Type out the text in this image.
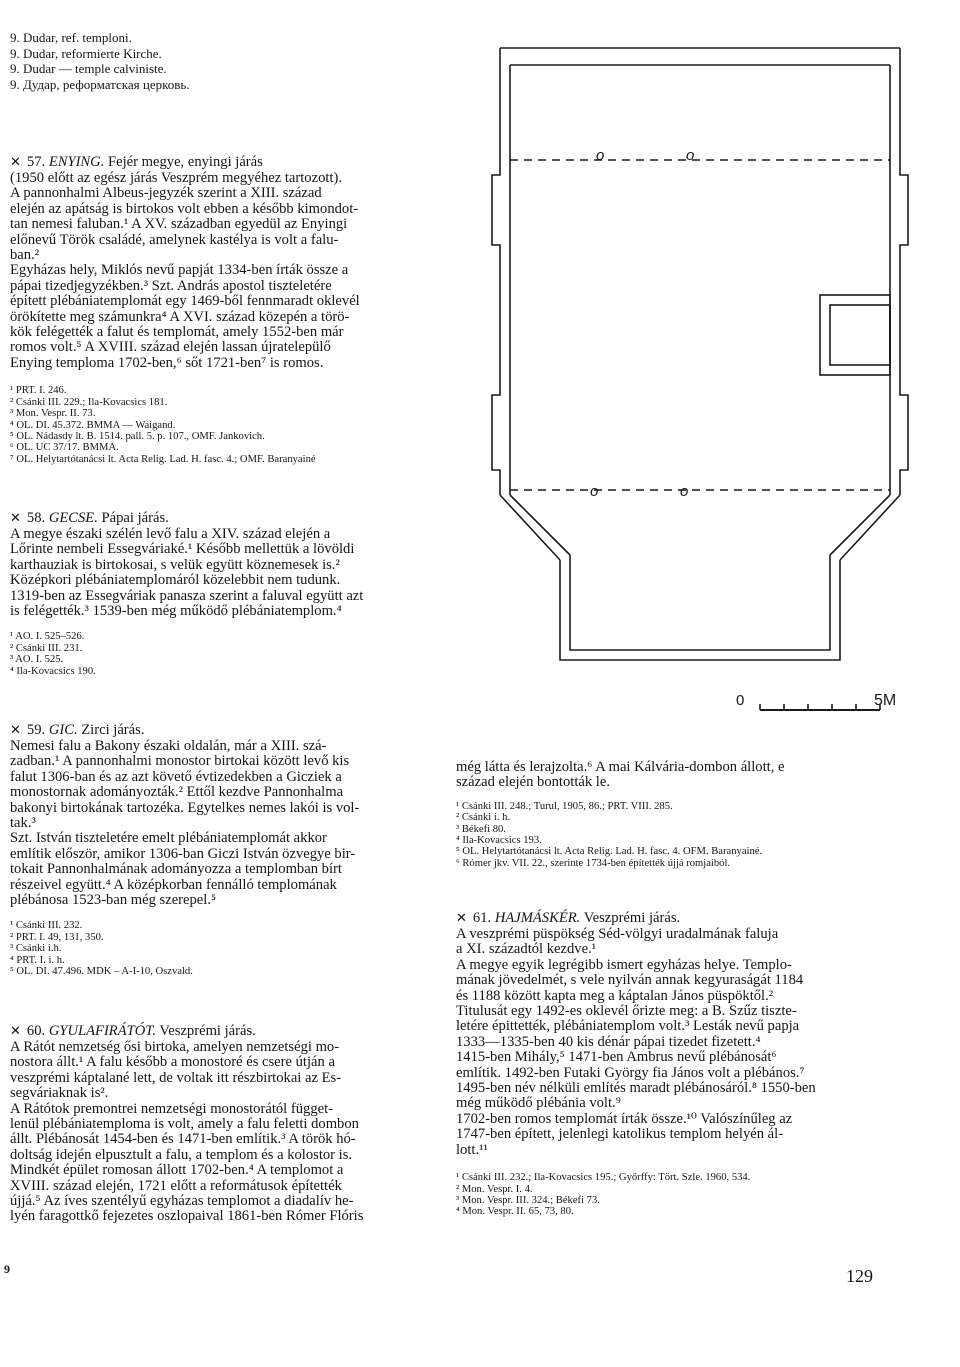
9. Dudar, ref. temploni.
9. Dudar, reformierte Kirche.
9. Dudar — temple calviniste.
9. Дудар, реформатская церковь.

✕ 57. ENYING. Fejér megye, enyingi járás

(1950 előtt az egész járás Veszprém megyéhez tartozott).
A pannonhalmi Albeus-jegyzék szerint a XIII. század
elején az apátság is birtokos volt ebben a később kimondot-
tan nemesi faluban.¹ A XV. században egyedül az Enyingi
előnevű Török családé, amelynek kastélya is volt a falu-
ban.²
Egyházas hely, Miklós nevű papját 1334-ben írták össze a
pápai tizedjegyzékben.³ Szt. András apostol tiszteletére
épített plébániatemplomát egy 1469-ből fennmaradt oklevél
örökítette meg számunkra⁴ A XVI. század közepén a törö-
kök felégették a falut és templomát, amely 1552-ben már
romos volt.⁵ A XVIII. század elején lassan újratelepülő
Enying temploma 1702-ben,⁶ sőt 1721-ben⁷ is romos.

¹ PRT. I. 246.
² Csánki III. 229.; Ila-Kovacsics 181.
³ Mon. Vespr. II. 73.
⁴ OL. DI. 45.372. BMMA — Waigand.
⁵ OL. Nádasdy lt. B. 1514. pall. 5. p. 107., OMF. Jankovich.
⁶ OL. UC 37/17. BMMA.
⁷ OL. Helytartótanácsi lt. Acta Relig. Lad. H. fasc. 4.; OMF. Baranyainé

✕ 58. GECSE. Pápai járás.

A megye északi szélén levő falu a XIV. század elején a
Lőrinte nembeli Essegváriaké.¹ Később mellettük a lövöldi
karthauziak is birtokosai, s velük együtt köznemesek is.²
Középkori plébániatemplomáról közelebbit nem tudunk.
1319-ben az Essegváriak panasza szerint a faluval együtt azt
is felégették.³ 1539-ben még működő plébániatemplom.⁴

¹ AO. I. 525–526.
² Csánki III. 231.
³ AO. I. 525.
⁴ Ila-Kovacsics 190.

✕ 59. GIC. Zirci járás.

Nemesi falu a Bakony északi oldalán, már a XIII. szá-
zadban.¹ A pannonhalmi monostor birtokai között levő kis
falut 1306-ban és az azt követő évtizedekben a Gicziek a
monostornak adományozták.² Ettől kezdve Pannonhalma
bakonyi birtokának tartozéka. Egytelkes nemes lakói is vol-
tak.³
Szt. István tiszteletére emelt plébániatemplomát akkor
említik először, amikor 1306-ban Giczi István özvegye bir-
tokait Pannonhalmának adományozza a templomban bírt
részeivel együtt.⁴ A középkorban fennálló templomának
plébánosa 1523-ban még szerepel.⁵

¹ Csánki III. 232.
² PRT. I. 49, 131, 350.
³ Csánki i.h.
⁴ PRT. I. i. h.
⁵ OL. DI. 47.496. MDK – A-I-10, Oszvald.

✕ 60. GYULAFIRÁTÓT. Veszprémi járás.

A Rátót nemzetség ősi birtoka, amelyen nemzetségi mo-
nostora állt.¹ A falu később a monostoré és csere útján a
veszprémi káptalané lett, de voltak itt részbirtokai az Es-
segváriaknak is².
A Rátótok premontrei nemzetségi monostorától függet-
lenül plébániatemploma is volt, amely a falu feletti dombon
állt. Plébánosát 1454-ben és 1471-ben említik.³ A török hó-
doltság idején elpusztult a falu, a templom és a kolostor is.
Mindkét épület romosan állott 1702-ben.⁴ A templomot a
XVIII. század elején, 1721 előtt a reformátusok építették
újjá.⁵ Az íves szentélyű egyházas templomot a diadalív he-
lyén faragottkő fejezetes oszlopaival 1861-ben Rómer Flóris

o	o
o	o
0	5M

még látta és lerajzolta.⁶ A mai Kálvária-dombon állott, e
század elején bontották le.

¹ Csánki III. 248.; Turul, 1905, 86.; PRT. VIII. 285.
² Csánki i. h.
³ Békefi 80.
⁴ Ila-Kovacsics 193.
⁵ OL. Helytartótanácsi lt. Acta Relig. Lad. H. fasc. 4. OFM. Baranyainé.
⁶ Rómer jkv. VII. 22., szerinte 1734-ben építették újjá romjaiból.

✕ 61. HAJMÁSKÉR. Veszprémi járás.

A veszprémi püspökség Séd-völgyi uradalmának faluja
a XI. századtól kezdve.¹
A megye egyik legrégibb ismert egyházas helye. Templo-
mának jövedelmét, s vele nyilván annak kegyuraságát 1184
és 1188 között kapta meg a káptalan János püspöktől.²
Titulusát egy 1492-es oklevél őrizte meg: a B. Szűz tiszte-
letére épittették, plébániatemplom volt.³ Lesták nevű papja
1333—1335-ben 40 kis dénár pápai tizedet fizetett.⁴
1415-ben Mihály,⁵ 1471-ben Ambrus nevű plébánosát⁶
említik. 1492-ben Futaki György fia János volt a plébános.⁷
1495-ben név nélküli említés maradt plébánosáról.⁸ 1550-ben
még működő plébánia volt.⁹
1702-ben romos templomát írták össze.¹⁰ Valószínűleg az
1747-ben épített, jelenlegi katolikus templom helyén ál-
lott.¹¹

¹ Csánki III. 232.; Ila-Kovacsics 195.; Győrffy: Tört. Szle. 1960, 534.
² Mon. Vespr. I. 4.
³ Mon. Vespr. III. 324.; Békefi 73.
⁴ Mon. Vespr. II. 65, 73, 80.

9	129
